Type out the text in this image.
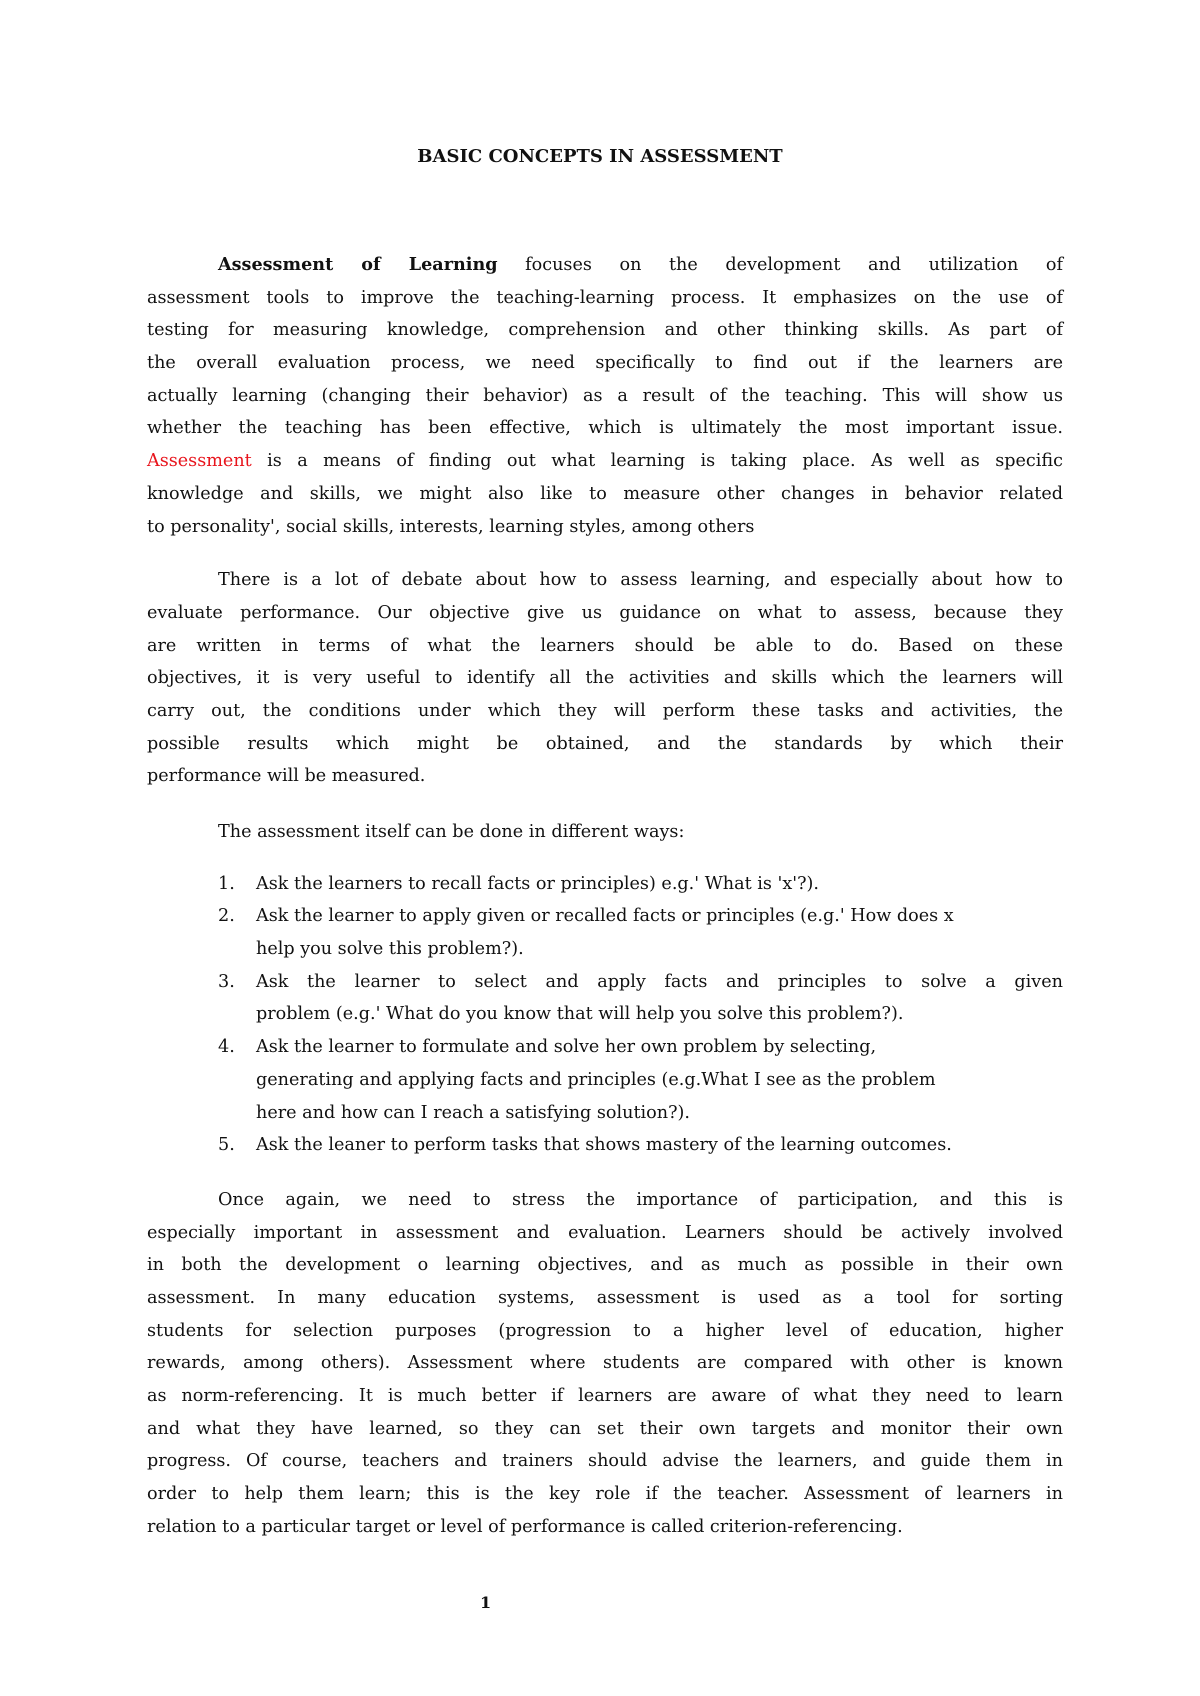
BASIC CONCEPTS IN ASSESSMENT
Assessment of Learning focuses on the development and utilization of
assessment tools to improve the teaching-learning process. It emphasizes on the use of
testing for measuring knowledge, comprehension and other thinking skills. As part of
the overall evaluation process, we need specifically to find out if the learners are
actually learning (changing their behavior) as a result of the teaching. This will show us
whether the teaching has been effective, which is ultimately the most important issue.
Assessment is a means of finding out what learning is taking place. As well as specific
knowledge and skills, we might also like to measure other changes in behavior related
to personality', social skills, interests, learning styles, among others
There is a lot of debate about how to assess learning, and especially about how to
evaluate performance. Our objective give us guidance on what to assess, because they
are written in terms of what the learners should be able to do. Based on these
objectives, it is very useful to identify all the activities and skills which the learners will
carry out, the conditions under which they will perform these tasks and activities, the
possible results which might be obtained, and the standards by which their
performance will be measured.
The assessment itself can be done in different ways:
1.	Ask the learners to recall facts or principles) e.g.' What is 'x'?).
2.	Ask the learner to apply given or recalled facts or principles (e.g.' How does x
help you solve this problem?).
3.	Ask the learner to select and apply facts and principles to solve a given
problem (e.g.' What do you know that will help you solve this problem?).
4.	Ask the learner to formulate and solve her own problem by selecting,
generating and applying facts and principles (e.g.What I see as the problem
here and how can I reach a satisfying solution?).
5.	Ask the leaner to perform tasks that shows mastery of the learning outcomes.
Once again, we need to stress the importance of participation, and this is
especially important in assessment and evaluation. Learners should be actively involved
in both the development o learning objectives, and as much as possible in their own
assessment. In many education systems, assessment is used as a tool for sorting
students for selection purposes (progression to a higher level of education, higher
rewards, among others). Assessment where students are compared with other is known
as norm-referencing. It is much better if learners are aware of what they need to learn
and what they have learned, so they can set their own targets and monitor their own
progress. Of course, teachers and trainers should advise the learners, and guide them in
order to help them learn; this is the key role if the teacher. Assessment of learners in
relation to a particular target or level of performance is called criterion-referencing.
1
